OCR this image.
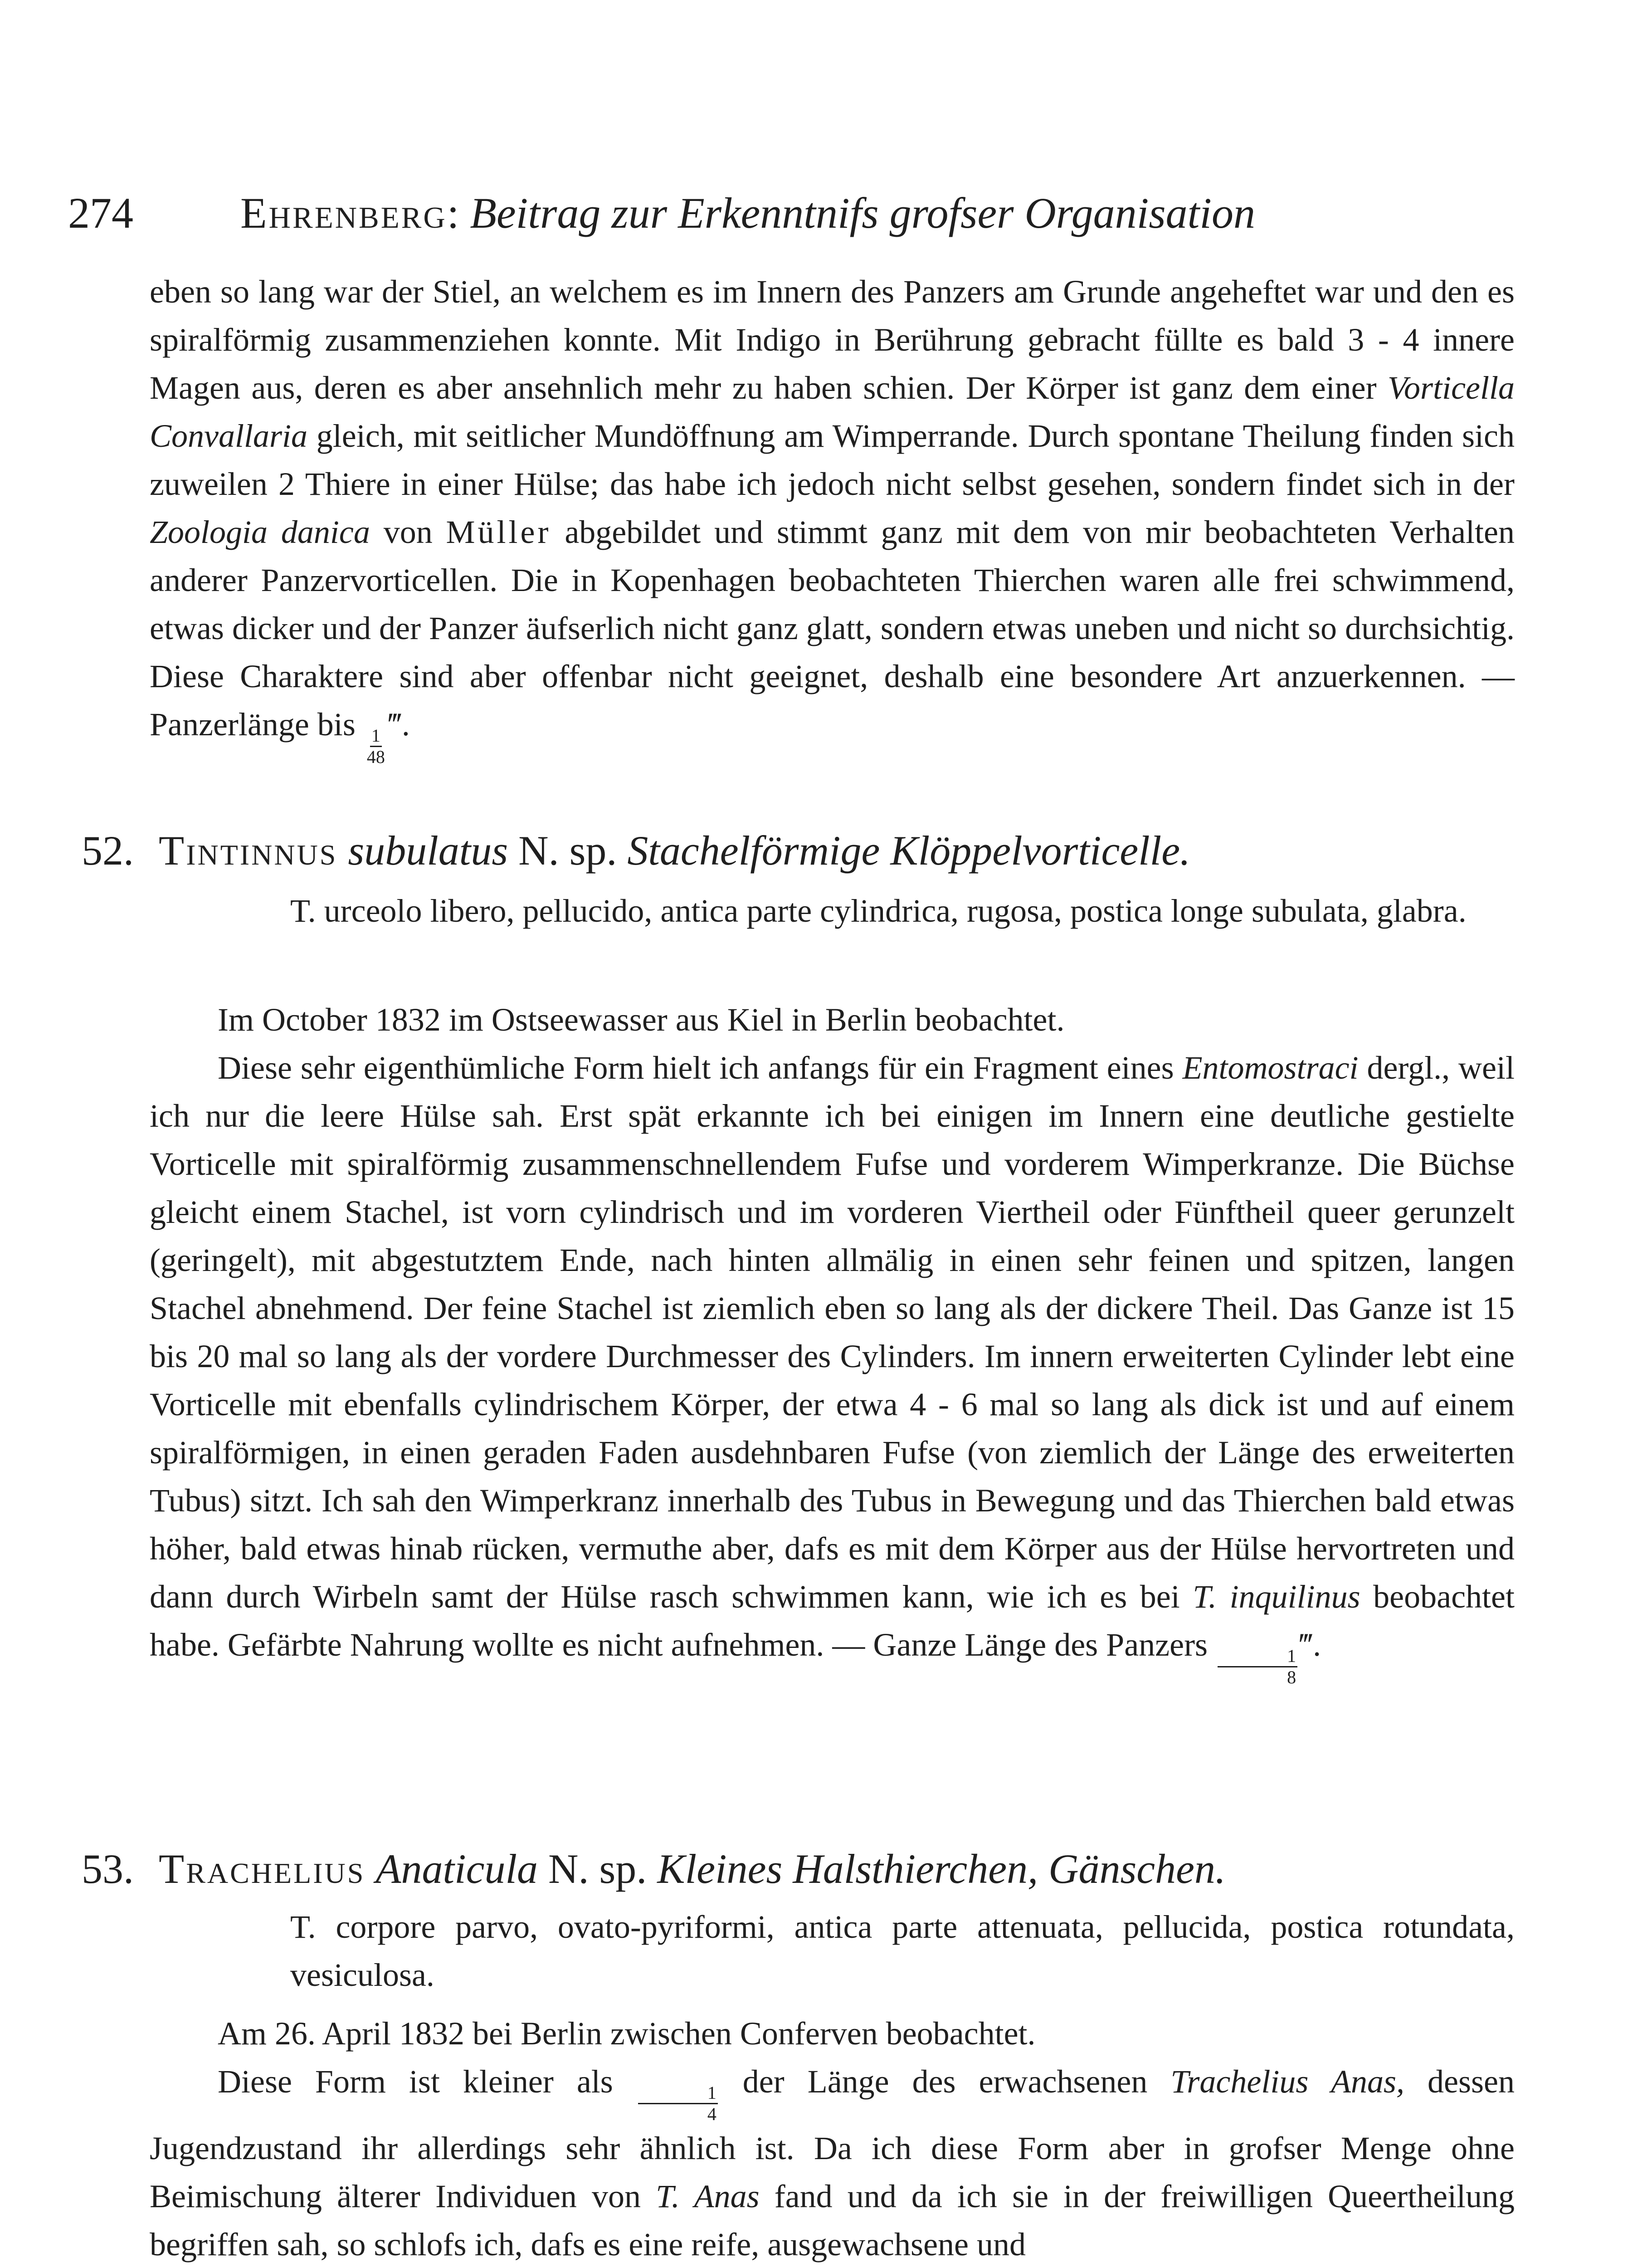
274 Ehrenberg: Beitrag zur Erkenntnifs grofser Organisation

eben so lang war der Stiel, an welchem es im Innern des Panzers am Grunde angeheftet war und den es spiralförmig zusammenziehen konnte. Mit Indigo in Berührung gebracht füllte es bald 3 - 4 innere Magen aus, deren es aber ansehnlich mehr zu haben schien. Der Körper ist ganz dem einer Vorticella Convallaria gleich, mit seitlicher Mundöffnung am Wimperrande. Durch spontane Theilung finden sich zuweilen 2 Thiere in einer Hülse; das habe ich jedoch nicht selbst gesehen, sondern findet sich in der Zoologia danica von Müller abgebildet und stimmt ganz mit dem von mir beobachteten Verhalten anderer Panzervorticellen. Die in Kopenhagen beobachteten Thierchen waren alle frei schwimmend, etwas dicker und der Panzer äufserlich nicht ganz glatt, sondern etwas uneben und nicht so durchsichtig. Diese Charaktere sind aber offenbar nicht geeignet, deshalb eine besondere Art anzuerkennen. — Panzerlänge bis
$\frac{1}{48}$
‴.

52. Tintinnus subulatus N. sp. Stachelförmige Klöppelvorticelle.

T. urceolo libero, pellucido, antica parte cylindrica, rugosa, postica longe subulata, glabra.

Im October 1832 im Ostseewasser aus Kiel in Berlin beobachtet.

Diese sehr eigenthümliche Form hielt ich anfangs für ein Fragment eines Entomostraci dergl., weil ich nur die leere Hülse sah. Erst spät erkannte ich bei einigen im Innern eine deutliche gestielte Vorticelle mit spiralförmig zusammenschnellendem Fufse und vorderem Wimperkranze. Die Büchse gleicht einem Stachel, ist vorn cylindrisch und im vorderen Viertheil oder Fünftheil queer gerunzelt (geringelt), mit abgestutztem Ende, nach hinten allmälig in einen sehr feinen und spitzen, langen Stachel abnehmend. Der feine Stachel ist ziemlich eben so lang als der dickere Theil. Das Ganze ist 15 bis 20 mal so lang als der vordere Durchmesser des Cylinders. Im innern erweiterten Cylinder lebt eine Vorticelle mit ebenfalls cylindrischem Körper, der etwa 4 - 6 mal so lang als dick ist und auf einem spiralförmigen, in einen geraden Faden ausdehnbaren Fufse (von ziemlich der Länge des erweiterten Tubus) sitzt. Ich sah den Wimperkranz innerhalb des Tubus in Bewegung und das Thierchen bald etwas höher, bald etwas hinab rücken, vermuthe aber, dafs es mit dem Körper aus der Hülse hervortreten und dann durch Wirbeln samt der Hülse rasch schwimmen kann, wie ich es bei T. inquilinus beobachtet habe. Gefärbte Nahrung wollte es nicht aufnehmen. — Ganze Länge des Panzers
$\frac{1}{8}$
‴.

53. Trachelius Anaticula N. sp. Kleines Halsthierchen, Gänschen.

T. corpore parvo, ovato-pyriformi, antica parte attenuata, pellucida, postica rotundata, vesiculosa.

Am 26. April 1832 bei Berlin zwischen Conferven beobachtet.

Diese Form ist kleiner als
$\frac{1}{4}$
der Länge des erwachsenen Trachelius Anas, dessen Jugendzustand ihr allerdings sehr ähnlich ist. Da ich diese Form aber in grofser Menge ohne Beimischung älterer Individuen von T. Anas fand und da ich sie in der freiwilligen Queertheilung begriffen sah, so schlofs ich, dafs es eine reife, ausgewachsene und
